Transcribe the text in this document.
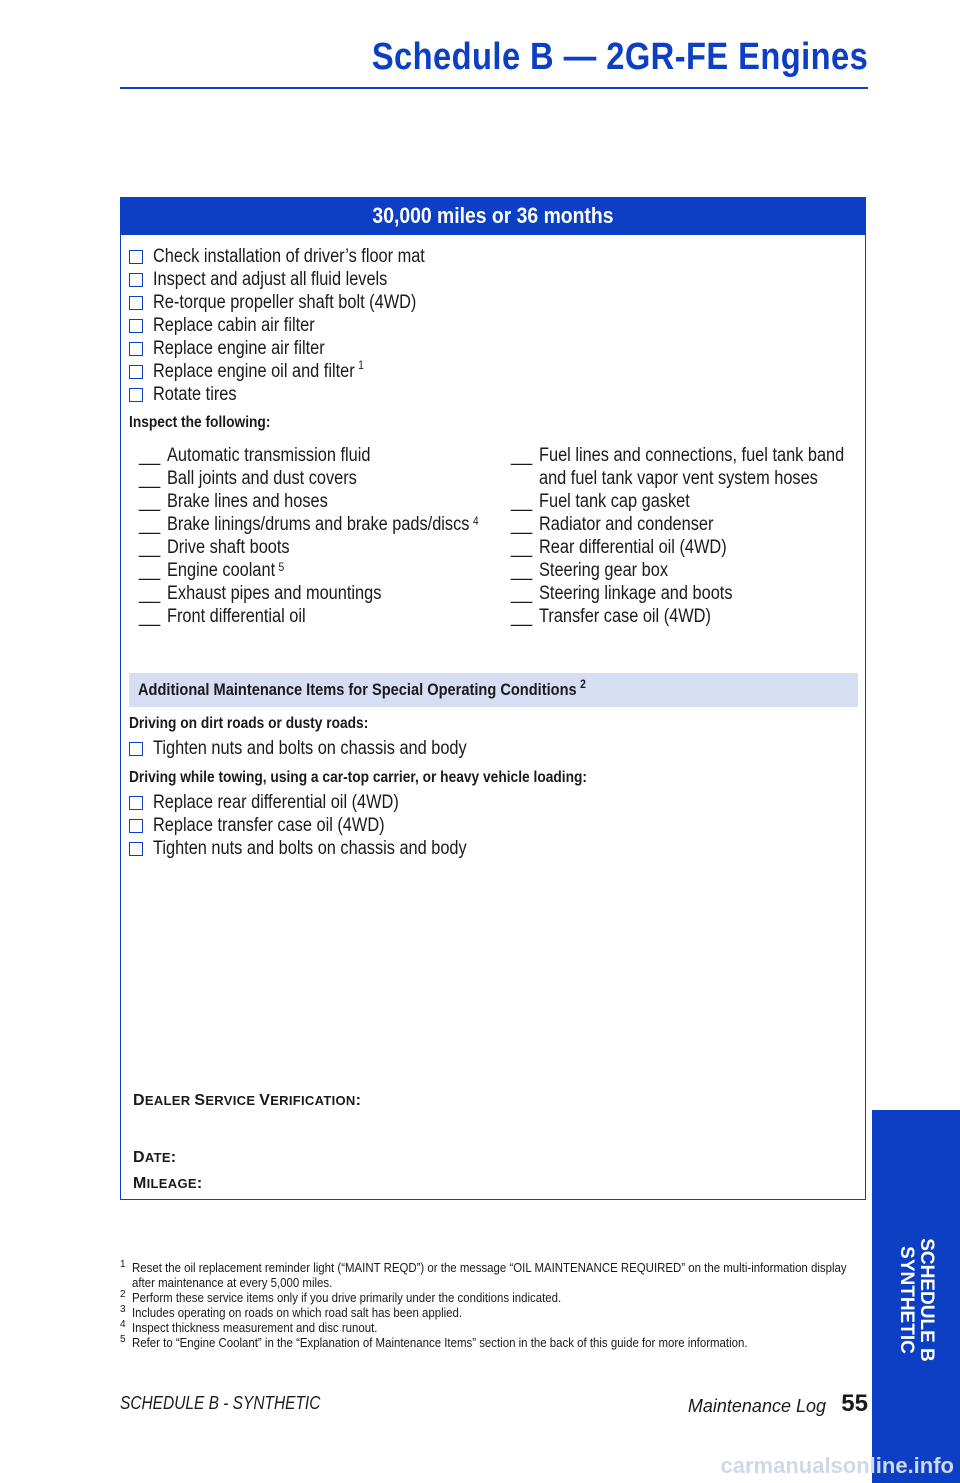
Schedule B — 2GR-FE Engines
30,000 miles or 36 months
Check installation of driver’s floor mat
Inspect and adjust all fluid levels
Re-torque propeller shaft bolt (4WD)
Replace cabin air filter
Replace engine air filter
Replace engine oil and filter $^1$
Rotate tires
Inspect the following:
__ Automatic transmission fluid
__ Ball joints and dust covers
__ Brake lines and hoses
__ Brake linings/drums and brake pads/discs $^4$
__ Drive shaft boots
__ Engine coolant $^5$
__ Exhaust pipes and mountings
__ Front differential oil
__ Fuel lines and connections, fuel tank band and fuel tank vapor vent system hoses
__ Fuel tank cap gasket
__ Radiator and condenser
__ Rear differential oil (4WD)
__ Steering gear box
__ Steering linkage and boots
__ Transfer case oil (4WD)
Additional Maintenance Items for Special Operating Conditions $^2$
Driving on dirt roads or dusty roads:
Tighten nuts and bolts on chassis and body
Driving while towing, using a car-top carrier, or heavy vehicle loading:
Replace rear differential oil (4WD)
Replace transfer case oil (4WD)
Tighten nuts and bolts on chassis and body
DEALER SERVICE VERIFICATION:
DATE:
MILEAGE:
1 Reset the oil replacement reminder light (“MAINT REQD”) or the message “OIL MAINTENANCE REQUIRED” on the multi-information display after maintenance at every 5,000 miles.
2 Perform these service items only if you drive primarily under the conditions indicated.
3 Includes operating on roads on which road salt has been applied.
4 Inspect thickness measurement and disc runout.
5 Refer to “Engine Coolant” in the “Explanation of Maintenance Items” section in the back of this guide for more information.
SCHEDULE B - SYNTHETIC	Maintenance Log 55
SCHEDULE B
SYNTHETIC
carmanualsonline.info
